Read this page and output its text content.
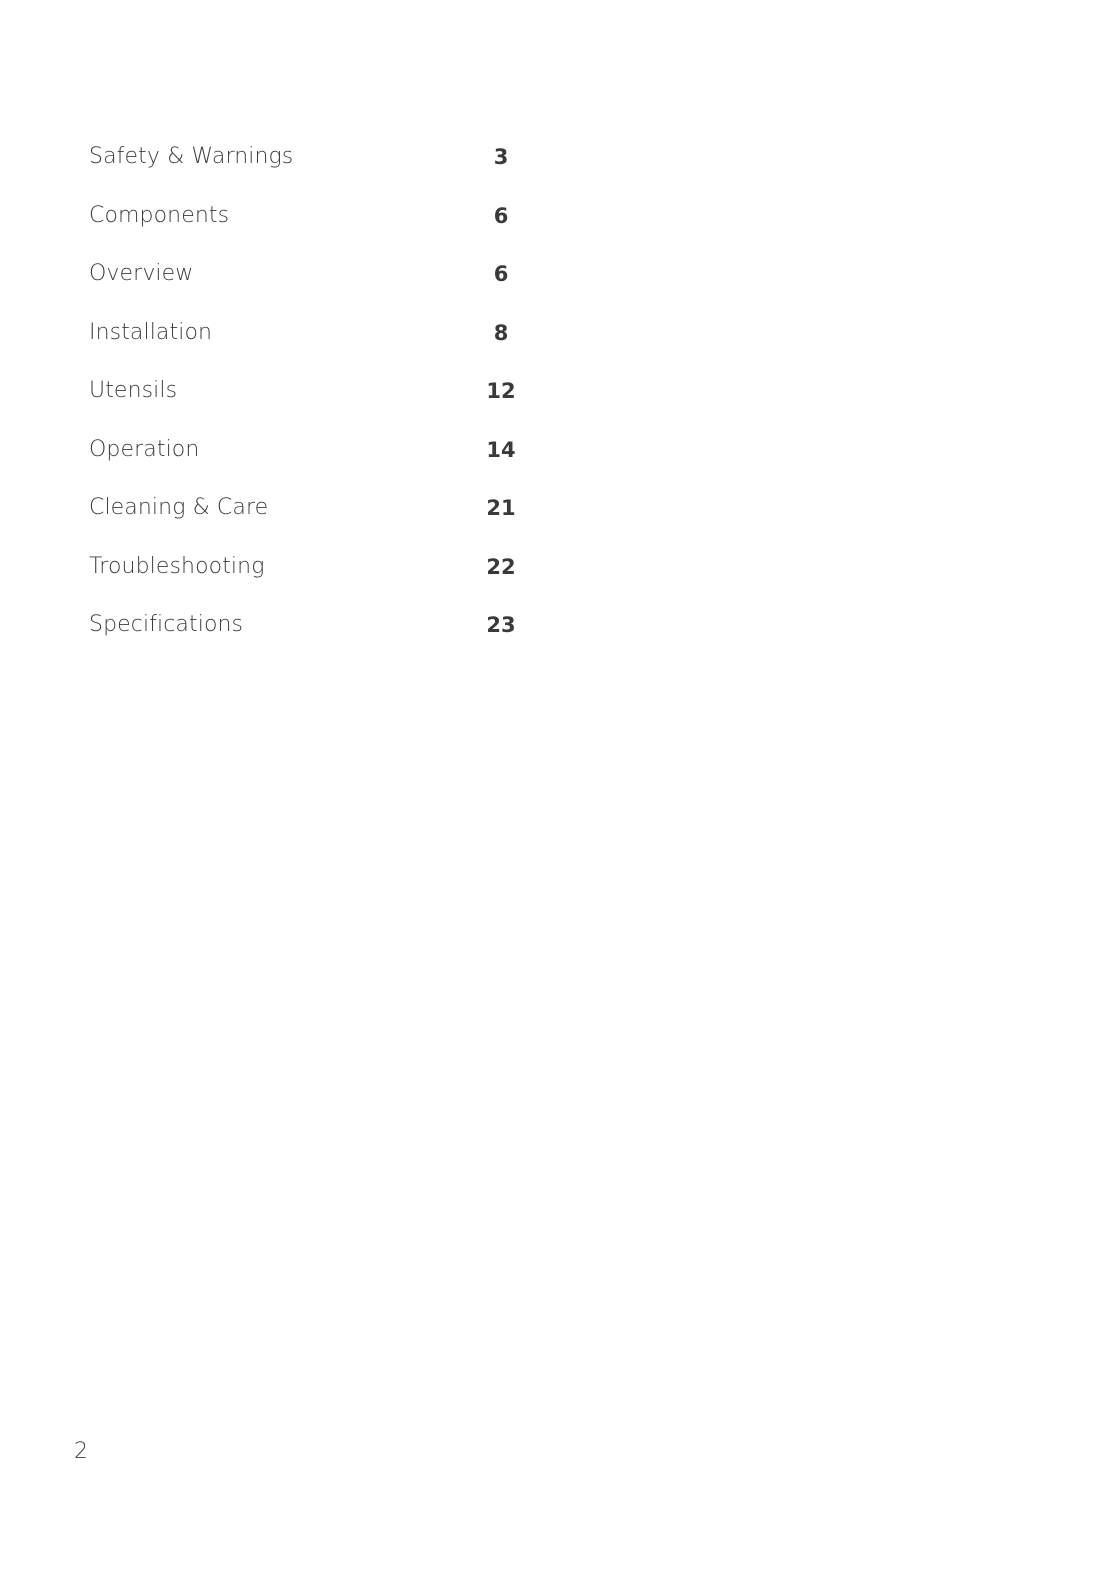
Safety & Warnings	3
Components	6
Overview	6
Installation	8
Utensils	12
Operation	14
Cleaning & Care	21
Troubleshooting	22
Specifications	23
2
